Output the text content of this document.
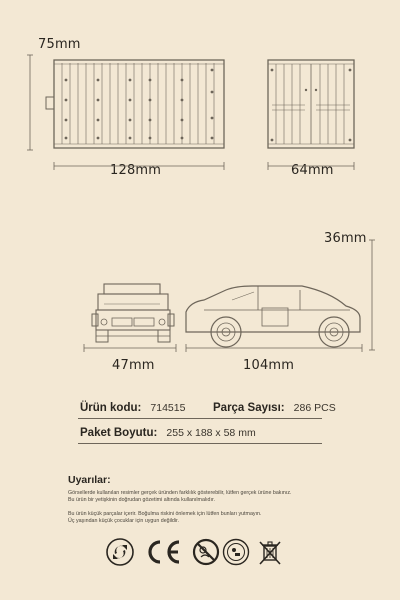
75mm
128mm	64mm
36mm
47mm	104mm
Ürün kodu: 714515 Parça Sayısı: 286 PCS
Paket Boyutu: 255 x 188 x 58 mm
Uyarılar:
Görsellerde kullanılan resimler gerçek üründen farklılık gösterebilir, lütfen gerçek ürüne bakınız.
Bu ürün bir yetişkinin doğrudan gözetimi altında kullanılmalıdır.
Bu ürün küçük parçalar içerir. Boğulma riskini önlemek için lütfen bunları yutmayın.
Üç yaşından küçük çocuklar için uygun değildir.
